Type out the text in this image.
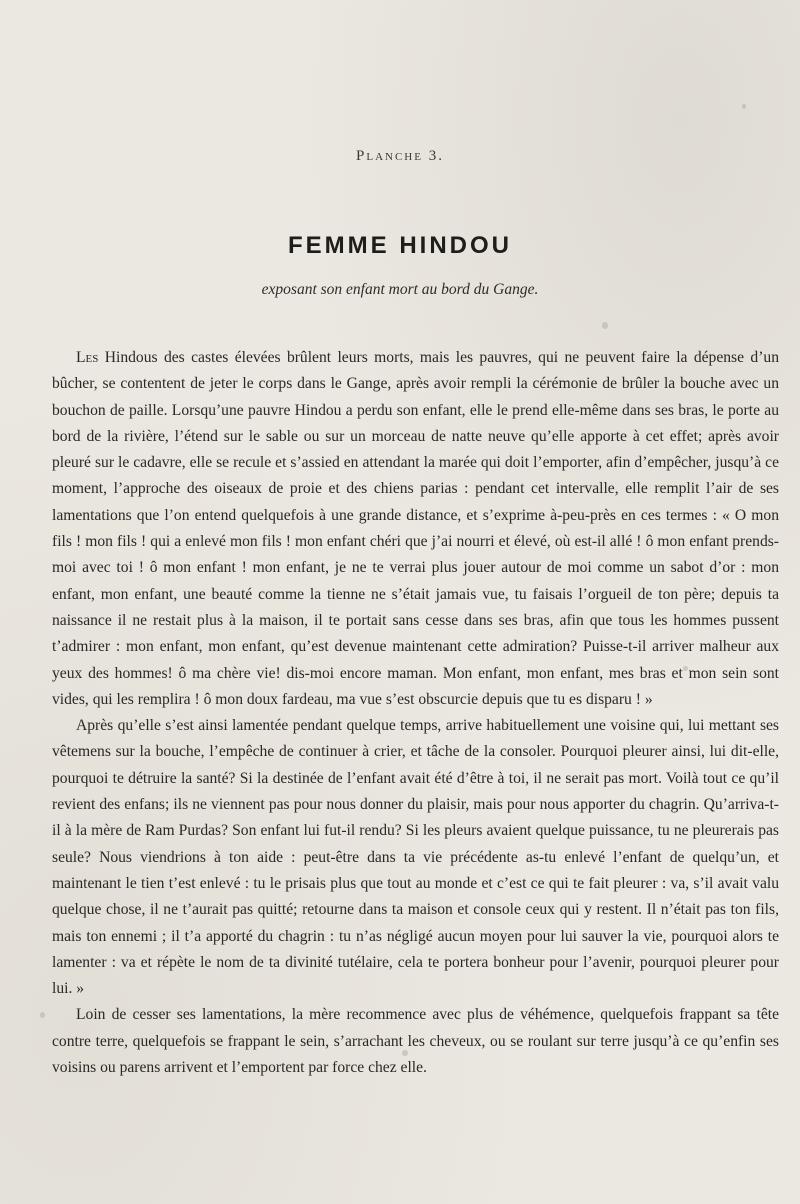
Planche 3.
FEMME HINDOU
exposant son enfant mort au bord du Gange.

Les Hindous des castes élevées brûlent leurs morts, mais les pauvres, qui ne peuvent faire la dépense d’un bûcher, se contentent de jeter le corps dans le Gange, après avoir rempli la cérémonie de brûler la bouche avec un bouchon de paille. Lorsqu’une pauvre Hindou a perdu son enfant, elle le prend elle-même dans ses bras, le porte au bord de la rivière, l’étend sur le sable ou sur un morceau de natte neuve qu’elle apporte à cet effet; après avoir pleuré sur le cadavre, elle se recule et s’assied en attendant la marée qui doit l’emporter, afin d’empêcher, jusqu’à ce moment, l’approche des oiseaux de proie et des chiens parias : pendant cet intervalle, elle remplit l’air de ses lamentations que l’on entend quelquefois à une grande distance, et s’exprime à-peu-près en ces termes : « O mon fils ! mon fils ! qui a enlevé mon fils ! mon enfant chéri que j’ai nourri et élevé, où est-il allé ! ô mon enfant prends-moi avec toi ! ô mon enfant ! mon enfant, je ne te verrai plus jouer autour de moi comme un sabot d’or : mon enfant, mon enfant, une beauté comme la tienne ne s’était jamais vue, tu faisais l’orgueil de ton père; depuis ta naissance il ne restait plus à la maison, il te portait sans cesse dans ses bras, afin que tous les hommes pussent t’admirer : mon enfant, mon enfant, qu’est devenue maintenant cette admiration? Puisse-t-il arriver malheur aux yeux des hommes! ô ma chère vie! dis-moi encore maman. Mon enfant, mon enfant, mes bras et mon sein sont vides, qui les remplira ! ô mon doux fardeau, ma vue s’est obscurcie depuis que tu es disparu ! »

Après qu’elle s’est ainsi lamentée pendant quelque temps, arrive habituellement une voisine qui, lui mettant ses vêtemens sur la bouche, l’empêche de continuer à crier, et tâche de la consoler. Pourquoi pleurer ainsi, lui dit-elle, pourquoi te détruire la santé? Si la destinée de l’enfant avait été d’être à toi, il ne serait pas mort. Voilà tout ce qu’il revient des enfans; ils ne viennent pas pour nous donner du plaisir, mais pour nous apporter du chagrin. Qu’arriva-t-il à la mère de Ram Purdas? Son enfant lui fut-il rendu? Si les pleurs avaient quelque puissance, tu ne pleurerais pas seule? Nous viendrions à ton aide : peut-être dans ta vie précédente as-tu enlevé l’enfant de quelqu’un, et maintenant le tien t’est enlevé : tu le prisais plus que tout au monde et c’est ce qui te fait pleurer : va, s’il avait valu quelque chose, il ne t’aurait pas quitté; retourne dans ta maison et console ceux qui y restent. Il n’était pas ton fils, mais ton ennemi ; il t’a apporté du chagrin : tu n’as négligé aucun moyen pour lui sauver la vie, pourquoi alors te lamenter : va et répète le nom de ta divinité tutélaire, cela te portera bonheur pour l’avenir, pourquoi pleurer pour lui. »

Loin de cesser ses lamentations, la mère recommence avec plus de véhémence, quelquefois frappant sa tête contre terre, quelquefois se frappant le sein, s’arrachant les cheveux, ou se roulant sur terre jusqu’à ce qu’enfin ses voisins ou parens arrivent et l’emportent par force chez elle.
